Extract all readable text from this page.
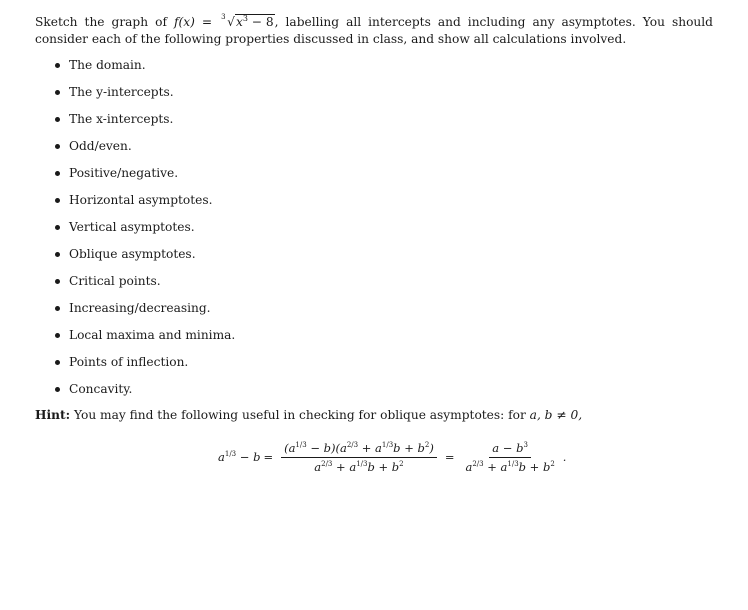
Sketch the graph of f(x) = 3 $√x^3 - 8$, labelling all intercepts and including any asymptotes. You should consider each of the following properties discussed in class, and show all calculations involved.
The domain.
The y-intercepts.
The x-intercepts.
Odd/even.
Positive/negative.
Horizontal asymptotes.
Vertical asymptotes.
Oblique asymptotes.
Critical points.
Increasing/decreasing.
Local maxima and minima.
Points of inflection.
Concavity.
Hint: You may find the following useful in checking for oblique asymptotes: for a, b ≠ 0,
$a^{1/3} - b = \frac{(a^{1/3} - b)(a^{2/3} + a^{1/3}b + b^2)}{a^{2/3} + a^{1/3}b + b^2} = \frac{a - b^3}{a^{2/3} + a^{1/3}b + b^2}$ .
